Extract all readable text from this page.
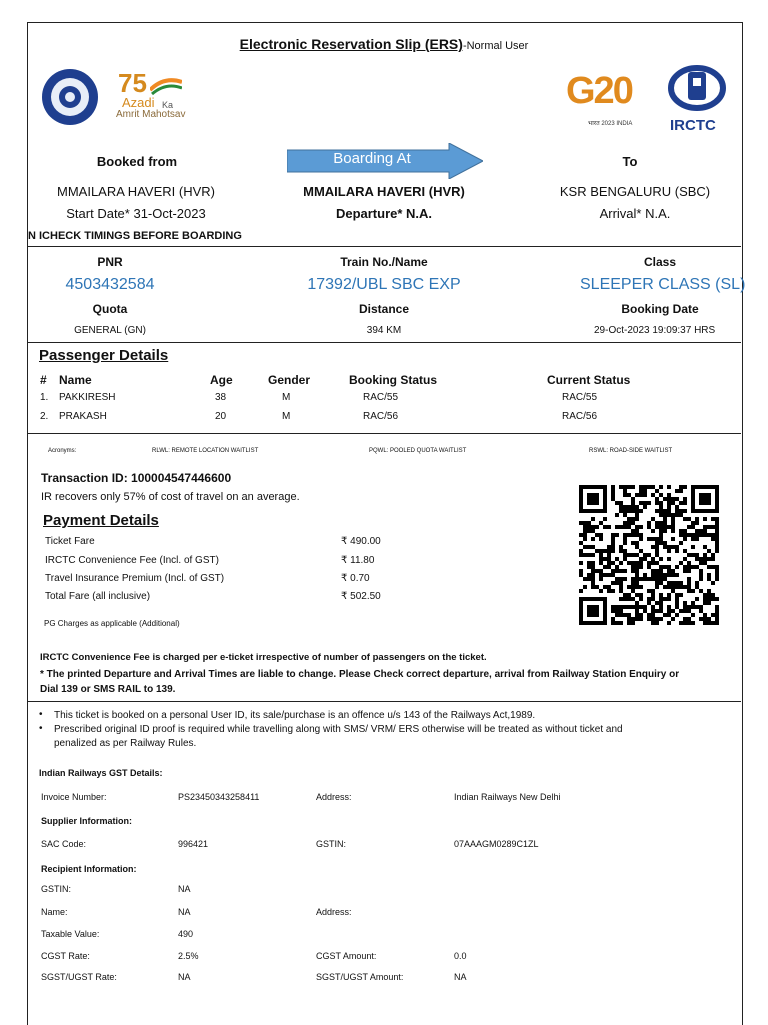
Electronic Reservation Slip (ERS)-Normal User
75
Azadi Ka
Amrit Mahotsav
G20
भारत 2023 INDIA	IRCTC
Booked from	Boarding At	To
MMAILARA HAVERI (HVR)	MMAILARA HAVERI (HVR)	KSR BENGALURU (SBC)
Start Date* 31-Oct-2023	Departure* N.A.	Arrival* N.A.
N ICHECK TIMINGS BEFORE BOARDING
PNR	Train No./Name	Class
4503432584	17392/UBL SBC EXP	SLEEPER CLASS (SL)
Quota	Distance	Booking Date
GENERAL (GN)	394 KM	29-Oct-2023 19:09:37 HRS
Passenger Details
# Name	Age	Gender	Booking Status	Current Status
1. PAKKIRESH	38	M	RAC/55	RAC/55
2. PRAKASH	20	M	RAC/56	RAC/56
Acronyms:	RLWL: REMOTE LOCATION WAITLIST	PQWL: POOLED QUOTA WAITLIST	RSWL: ROAD-SIDE WAITLIST
Transaction ID: 100004547446600
IR recovers only 57% of cost of travel on an average.
Payment Details
Ticket Fare	₹ 490.00
IRCTC Convenience Fee (Incl. of GST)	₹ 11.80
Travel Insurance Premium (Incl. of GST)	₹ 0.70
Total Fare (all inclusive)	₹ 502.50
PG Charges as applicable (Additional)
IRCTC Convenience Fee is charged per e-ticket irrespective of number of passengers on the ticket.
* The printed Departure and Arrival Times are liable to change. Please Check correct departure, arrival from Railway Station Enquiry or
Dial 139 or SMS RAIL to 139.
• This ticket is booked on a personal User ID, its sale/purchase is an offence u/s 143 of the Railways Act,1989.
• Prescribed original ID proof is required while travelling along with SMS/ VRM/ ERS otherwise will be treated as without ticket and
penalized as per Railway Rules.
Indian Railways GST Details:
Invoice Number:	PS23450343258411	Address:	Indian Railways New Delhi
Supplier Information:
SAC Code:	996421	GSTIN:	07AAAGM0289C1ZL
Recipient Information:
GSTIN:	NA
Name:	NA	Address:
Taxable Value:	490
CGST Rate:	2.5%	CGST Amount:	0.0
SGST/UGST Rate:	NA	SGST/UGST Amount:	NA
